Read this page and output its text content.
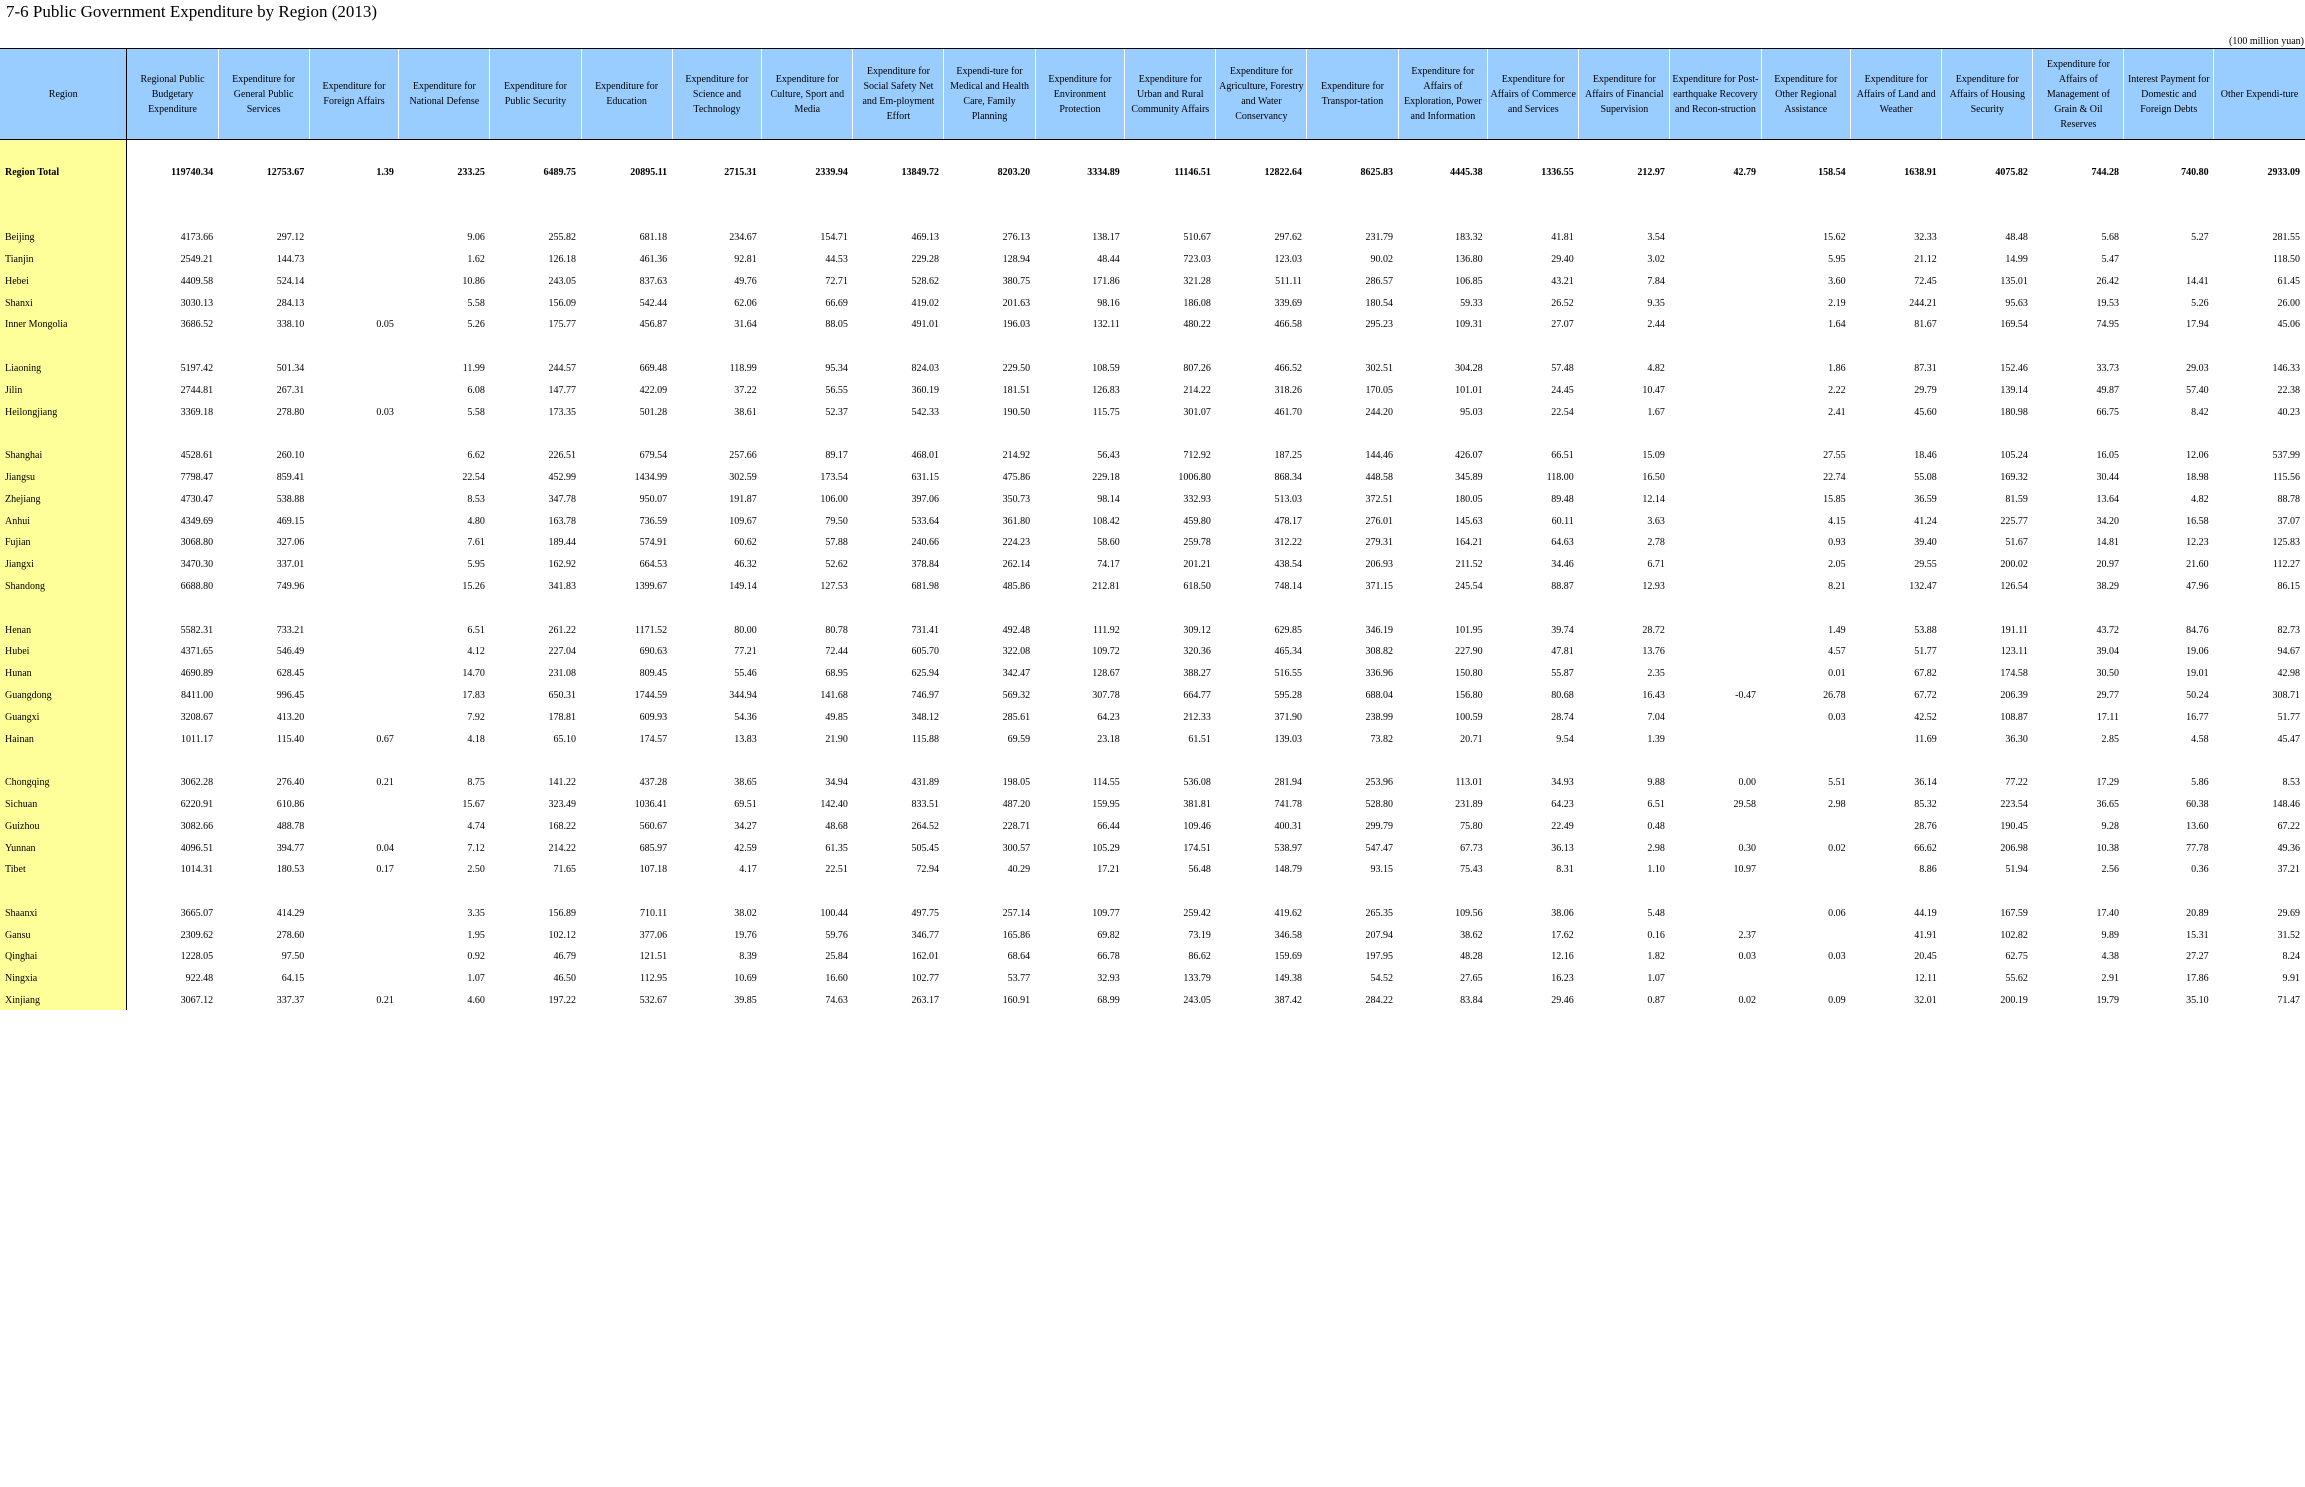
7-6 Public Government Expenditure by Region (2013)
(100 million yuan)
Region	Regional Public Budgetary Expenditure	Expenditure for General Public Services	Expenditure for Foreign Affairs	Expenditure for National Defense	Expenditure for Public Security	Expenditure for Education	Expenditure for Science and Technology	Expenditure for Culture, Sport and Media	Expenditure for Social Safety Net and Em-ployment Effort	Expendi-ture for Medical and Health Care, Family Planning	Expenditure for Environment Protection	Expenditure for Urban and Rural Community Affairs	Expenditure for Agriculture, Forestry and Water Conservancy	Expenditure for Transpor-tation	Expenditure for Affairs of Exploration, Power and Information	Expenditure for Affairs of Commerce and Services	Expenditure for Affairs of Financial Supervision	Expenditure for Post-earthquake Recovery and Recon-struction	Expenditure for Other Regional Assistance	Expenditure for Affairs of Land and Weather	Expenditure for Affairs of Housing Security	Expenditure for Affairs of Management of Grain & Oil Reserves	Interest Payment for Domestic and Foreign Debts	Other Expendi-ture
Region Total	119740.34	12753.67	1.39	233.25	6489.75	20895.11	2715.31	2339.94	13849.72	8203.20	3334.89	11146.51	12822.64	8625.83	4445.38	1336.55	212.97	42.79	158.54	1638.91	4075.82	744.28	740.80	2933.09

Beijing	4173.66	297.12		9.06	255.82	681.18	234.67	154.71	469.13	276.13	138.17	510.67	297.62	231.79	183.32	41.81	3.54		15.62	32.33	48.48	5.68	5.27	281.55
Tianjin	2549.21	144.73		1.62	126.18	461.36	92.81	44.53	229.28	128.94	48.44	723.03	123.03	90.02	136.80	29.40	3.02		5.95	21.12	14.99	5.47		118.50
Hebei	4409.58	524.14		10.86	243.05	837.63	49.76	72.71	528.62	380.75	171.86	321.28	511.11	286.57	106.85	43.21	7.84		3.60	72.45	135.01	26.42	14.41	61.45
Shanxi	3030.13	284.13		5.58	156.09	542.44	62.06	66.69	419.02	201.63	98.16	186.08	339.69	180.54	59.33	26.52	9.35		2.19	244.21	95.63	19.53	5.26	26.00
Inner Mongolia	3686.52	338.10	0.05	5.26	175.77	456.87	31.64	88.05	491.01	196.03	132.11	480.22	466.58	295.23	109.31	27.07	2.44		1.64	81.67	169.54	74.95	17.94	45.06

Liaoning	5197.42	501.34		11.99	244.57	669.48	118.99	95.34	824.03	229.50	108.59	807.26	466.52	302.51	304.28	57.48	4.82		1.86	87.31	152.46	33.73	29.03	146.33
Jilin	2744.81	267.31		6.08	147.77	422.09	37.22	56.55	360.19	181.51	126.83	214.22	318.26	170.05	101.01	24.45	10.47		2.22	29.79	139.14	49.87	57.40	22.38
Heilongjiang	3369.18	278.80	0.03	5.58	173.35	501.28	38.61	52.37	542.33	190.50	115.75	301.07	461.70	244.20	95.03	22.54	1.67		2.41	45.60	180.98	66.75	8.42	40.23

Shanghai	4528.61	260.10		6.62	226.51	679.54	257.66	89.17	468.01	214.92	56.43	712.92	187.25	144.46	426.07	66.51	15.09		27.55	18.46	105.24	16.05	12.06	537.99
Jiangsu	7798.47	859.41		22.54	452.99	1434.99	302.59	173.54	631.15	475.86	229.18	1006.80	868.34	448.58	345.89	118.00	16.50		22.74	55.08	169.32	30.44	18.98	115.56
Zhejiang	4730.47	538.88		8.53	347.78	950.07	191.87	106.00	397.06	350.73	98.14	332.93	513.03	372.51	180.05	89.48	12.14		15.85	36.59	81.59	13.64	4.82	88.78
Anhui	4349.69	469.15		4.80	163.78	736.59	109.67	79.50	533.64	361.80	108.42	459.80	478.17	276.01	145.63	60.11	3.63		4.15	41.24	225.77	34.20	16.58	37.07
Fujian	3068.80	327.06		7.61	189.44	574.91	60.62	57.88	240.66	224.23	58.60	259.78	312.22	279.31	164.21	64.63	2.78		0.93	39.40	51.67	14.81	12.23	125.83
Jiangxi	3470.30	337.01		5.95	162.92	664.53	46.32	52.62	378.84	262.14	74.17	201.21	438.54	206.93	211.52	34.46	6.71		2.05	29.55	200.02	20.97	21.60	112.27
Shandong	6688.80	749.96		15.26	341.83	1399.67	149.14	127.53	681.98	485.86	212.81	618.50	748.14	371.15	245.54	88.87	12.93		8.21	132.47	126.54	38.29	47.96	86.15

Henan	5582.31	733.21		6.51	261.22	1171.52	80.00	80.78	731.41	492.48	111.92	309.12	629.85	346.19	101.95	39.74	28.72		1.49	53.88	191.11	43.72	84.76	82.73
Hubei	4371.65	546.49		4.12	227.04	690.63	77.21	72.44	605.70	322.08	109.72	320.36	465.34	308.82	227.90	47.81	13.76		4.57	51.77	123.11	39.04	19.06	94.67
Hunan	4690.89	628.45		14.70	231.08	809.45	55.46	68.95	625.94	342.47	128.67	388.27	516.55	336.96	150.80	55.87	2.35		0.01	67.82	174.58	30.50	19.01	42.98
Guangdong	8411.00	996.45		17.83	650.31	1744.59	344.94	141.68	746.97	569.32	307.78	664.77	595.28	688.04	156.80	80.68	16.43	-0.47	26.78	67.72	206.39	29.77	50.24	308.71
Guangxi	3208.67	413.20		7.92	178.81	609.93	54.36	49.85	348.12	285.61	64.23	212.33	371.90	238.99	100.59	28.74	7.04		0.03	42.52	108.87	17.11	16.77	51.77
Hainan	1011.17	115.40	0.67	4.18	65.10	174.57	13.83	21.90	115.88	69.59	23.18	61.51	139.03	73.82	20.71	9.54	1.39			11.69	36.30	2.85	4.58	45.47

Chongqing	3062.28	276.40	0.21	8.75	141.22	437.28	38.65	34.94	431.89	198.05	114.55	536.08	281.94	253.96	113.01	34.93	9.88	0.00	5.51	36.14	77.22	17.29	5.86	8.53
Sichuan	6220.91	610.86		15.67	323.49	1036.41	69.51	142.40	833.51	487.20	159.95	381.81	741.78	528.80	231.89	64.23	6.51	29.58	2.98	85.32	223.54	36.65	60.38	148.46
Guizhou	3082.66	488.78		4.74	168.22	560.67	34.27	48.68	264.52	228.71	66.44	109.46	400.31	299.79	75.80	22.49	0.48			28.76	190.45	9.28	13.60	67.22
Yunnan	4096.51	394.77	0.04	7.12	214.22	685.97	42.59	61.35	505.45	300.57	105.29	174.51	538.97	547.47	67.73	36.13	2.98	0.30	0.02	66.62	206.98	10.38	77.78	49.36
Tibet	1014.31	180.53	0.17	2.50	71.65	107.18	4.17	22.51	72.94	40.29	17.21	56.48	148.79	93.15	75.43	8.31	1.10	10.97		8.86	51.94	2.56	0.36	37.21

Shaanxi	3665.07	414.29		3.35	156.89	710.11	38.02	100.44	497.75	257.14	109.77	259.42	419.62	265.35	109.56	38.06	5.48		0.06	44.19	167.59	17.40	20.89	29.69
Gansu	2309.62	278.60		1.95	102.12	377.06	19.76	59.76	346.77	165.86	69.82	73.19	346.58	207.94	38.62	17.62	0.16	2.37		41.91	102.82	9.89	15.31	31.52
Qinghai	1228.05	97.50		0.92	46.79	121.51	8.39	25.84	162.01	68.64	66.78	86.62	159.69	197.95	48.28	12.16	1.82	0.03	0.03	20.45	62.75	4.38	27.27	8.24
Ningxia	922.48	64.15		1.07	46.50	112.95	10.69	16.60	102.77	53.77	32.93	133.79	149.38	54.52	27.65	16.23	1.07			12.11	55.62	2.91	17.86	9.91
Xinjiang	3067.12	337.37	0.21	4.60	197.22	532.67	39.85	74.63	263.17	160.91	68.99	243.05	387.42	284.22	83.84	29.46	0.87	0.02	0.09	32.01	200.19	19.79	35.10	71.47
